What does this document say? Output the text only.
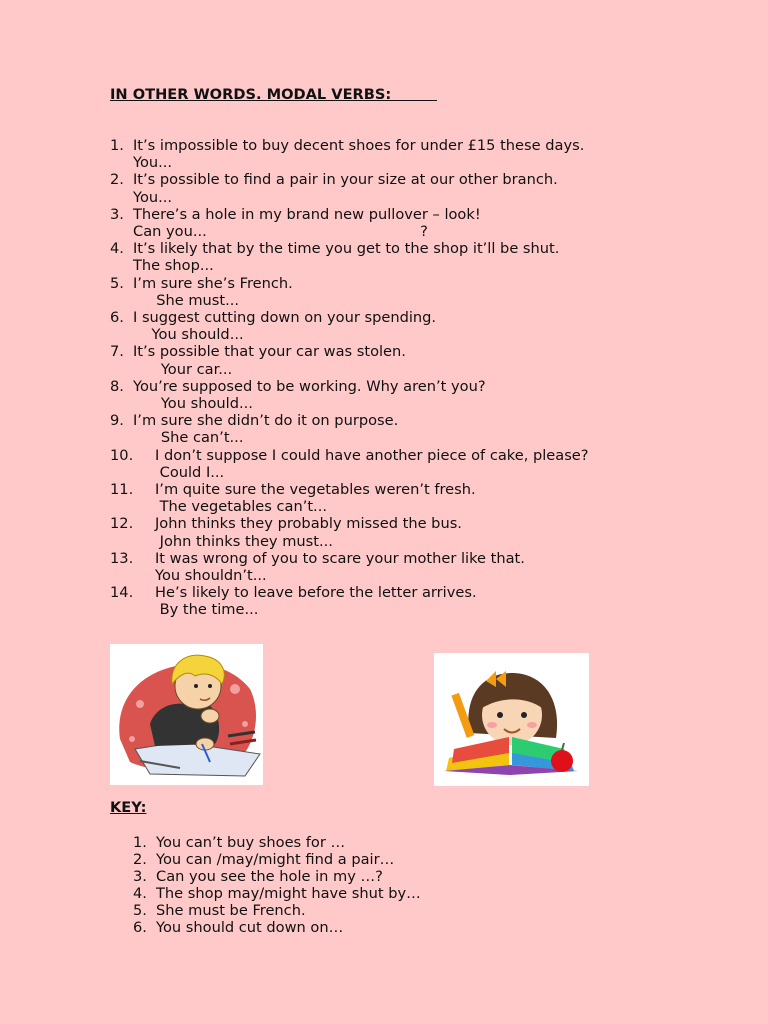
IN OTHER WORDS. MODAL VERBS:
1. It’s impossible to buy decent shoes for under £15 these days.
You...
2. It’s possible to find a pair in your size at our other branch.
You...
3. There’s a hole in my brand new pullover – look!
Can you...                                              ?
4. It’s likely that by the time you get to the shop it’ll be shut.
The shop...
5. I’m sure she’s French.
She must...
6. I suggest cutting down on your spending.
You should...
7. It’s possible that your car was stolen.
Your car...
8. You’re supposed to be working. Why aren’t you?
You should...
9. I’m sure she didn’t do it on purpose.
She can’t...
10.	I don’t suppose I could have another piece of cake, please?
Could I...
11.	I’m quite sure the vegetables weren’t fresh.
The vegetables can’t...
12.	John thinks they probably missed the bus.
John thinks they must...
13.	It was wrong of you to scare your mother like that.
You shouldn’t...
14.	He’s likely to leave before the letter arrives.
By the time...
KEY:
1. You can’t buy shoes for …
2. You can /may/might find a pair…
3. Can you see the hole in my …?
4. The shop may/might have shut by…
5. She must be French.
6. You should cut down on…
